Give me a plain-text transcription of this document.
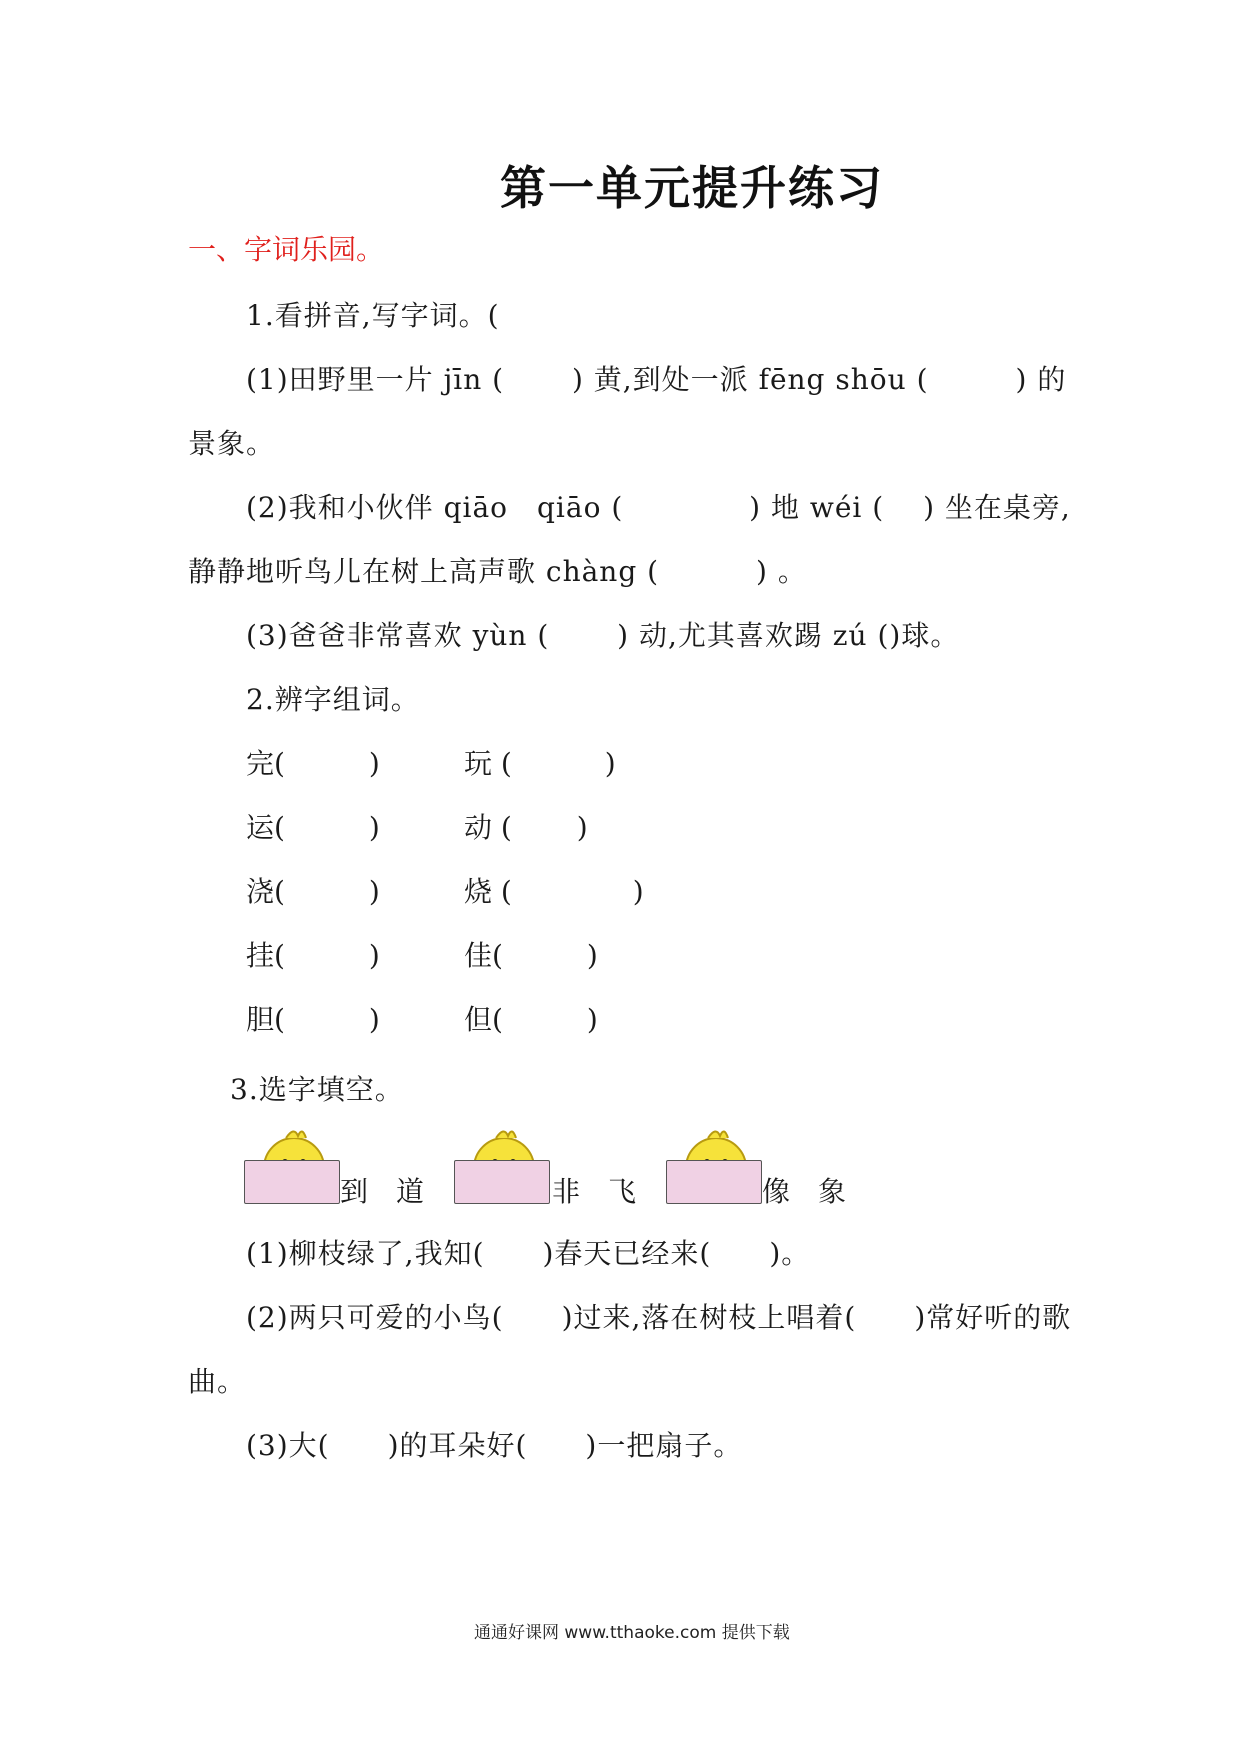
第一单元提升练习
一、字词乐园。
1.看拼音,写字词。(
(1)田野里一片 jīn (　　 ) 黄,到处一派 fēng shōu (　　　) 的
景象。
(2)我和小伙伴 qiāo　qiāo (　　　　 ) 地 wéi (　 ) 坐在桌旁,
静静地听鸟儿在树上高声歌 chàng (　　　 ) 。
(3)爸爸非常喜欢 yùn (　　 ) 动,尤其喜欢踢 zú ()球。
2.辨字组词。
完(　　　)	玩 (　　　 )
运(　　　)	动 (　　 )
浇(　　　)	烧 (　　　　 )
挂(　　　)	佳(　　　)
胆(　　　)	但(　　　)
3.选字填空。
到 道	非 飞	像 象
(1)柳枝绿了,我知(　　)春天已经来(　　)。
(2)两只可爱的小鸟(　　)过来,落在树枝上唱着(　　)常好听的歌
曲。
(3)大(　　)的耳朵好(　　)一把扇子。
通通好课网 www.tthaoke.com 提供下载
